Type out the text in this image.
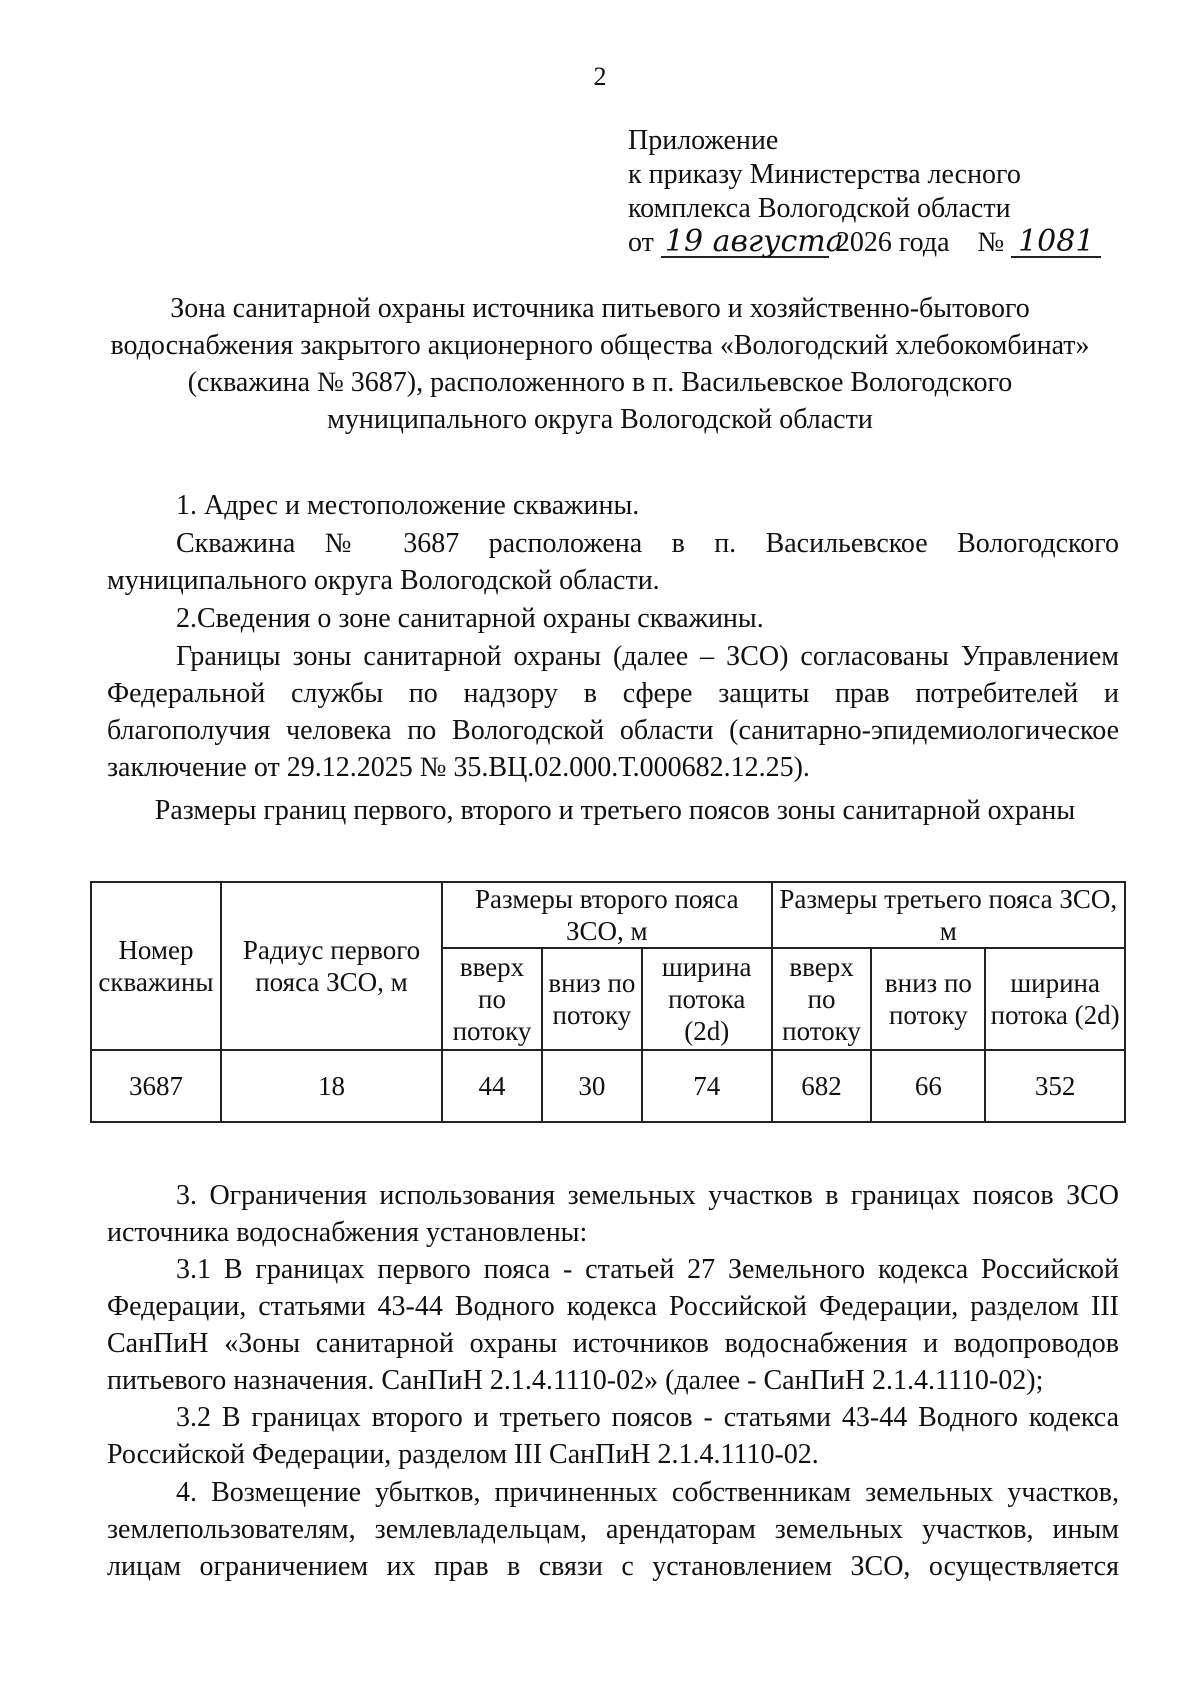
2
Приложение
к приказу Министерства лесного
комплекса Вологодской области
от 19 августа 2026 года № 1081
Зона санитарной охраны источника питьевого и хозяйственно-бытового
водоснабжения закрытого акционерного общества «Вологодский хлебокомбинат»
(скважина № 3687), расположенного в п. Васильевское Вологодского
муниципального округа Вологодской области
1. Адрес и местоположение скважины.
Скважина № 3687 расположена в п. Васильевское Вологодского муниципального округа Вологодской области.
2.Сведения о зоне санитарной охраны скважины.
Границы зоны санитарной охраны (далее – ЗСО) согласованы Управлением Федеральной службы по надзору в сфере защиты прав потребителей и благополучия человека по Вологодской области (санитарно-эпидемиологическое заключение от 29.12.2025 № 35.ВЦ.02.000.Т.000682.12.25).
Размеры границ первого, второго и третьего поясов зоны санитарной охраны
Номер скважины	Радиус первого пояса ЗСО, м	Размеры второго пояса ЗСО, м			Размеры третьего пояса ЗСО, м		
		вверх по потоку	вниз по потоку	ширина потока (2d)	вверх по потоку	вниз по потоку	ширина потока (2d)
3687	18	44	30	74	682	66	352
3. Ограничения использования земельных участков в границах поясов ЗСО источника водоснабжения установлены:
3.1 В границах первого пояса - статьей 27 Земельного кодекса Российской Федерации, статьями 43-44 Водного кодекса Российской Федерации, разделом III СанПиН «Зоны санитарной охраны источников водоснабжения и водопроводов питьевого назначения. СанПиН 2.1.4.1110-02» (далее - СанПиН 2.1.4.1110-02);
3.2 В границах второго и третьего поясов - статьями 43-44 Водного кодекса Российской Федерации, разделом III СанПиН 2.1.4.1110-02.
4. Возмещение убытков, причиненных собственникам земельных участков, землепользователям, землевладельцам, арендаторам земельных участков, иным лицам ограничением их прав в связи с установлением ЗСО, осуществляется
